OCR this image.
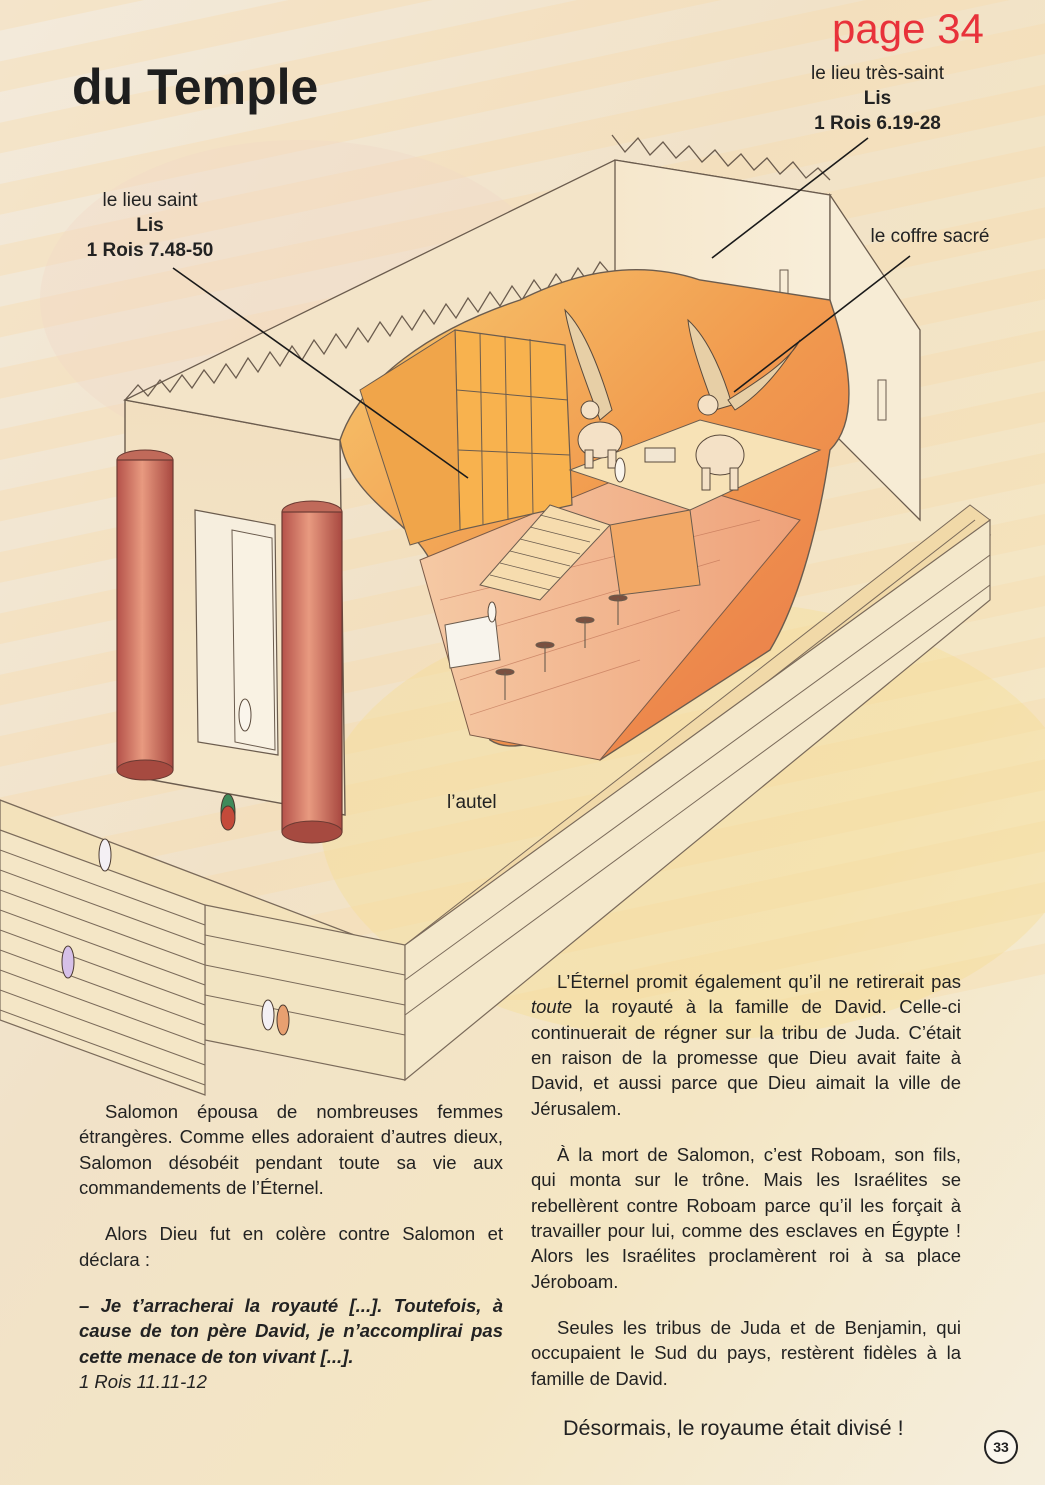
page 34
du Temple	le lieu très-saint
Lis
1 Rois 6.19-28
le lieu saint
Lis
1 Rois 7.48-50
le coffre sacré
l’autel

Salomon épousa de nombreuses femmes étrangères. Comme elles adoraient d’autres dieux, Salomon désobéit pendant toute sa vie aux commandements de l’Éternel.

Alors Dieu fut en colère contre Salomon et déclara :

– Je t’arracherai la royauté [...]. Toutefois, à cause de ton père David, je n’accomplirai pas cette menace de ton vivant [...].

1 Rois 11.11-12

L’Éternel promit également qu’il ne retirerait pas toute la royauté à la famille de David. Celle-ci continuerait de régner sur la tribu de Juda. C’était en raison de la promesse que Dieu avait faite à David, et aussi parce que Dieu aimait la ville de Jérusalem.

À la mort de Salomon, c’est Roboam, son fils, qui monta sur le trône. Mais les Israélites se rebellèrent contre Roboam parce qu’il les forçait à travailler pour lui, comme des esclaves en Égypte ! Alors les Israélites proclamèrent roi à sa place Jéroboam.

Seules les tribus de Juda et de Benjamin, qui occupaient le Sud du pays, restèrent fidèles à la famille de David.

Désormais, le royaume était divisé !
33
